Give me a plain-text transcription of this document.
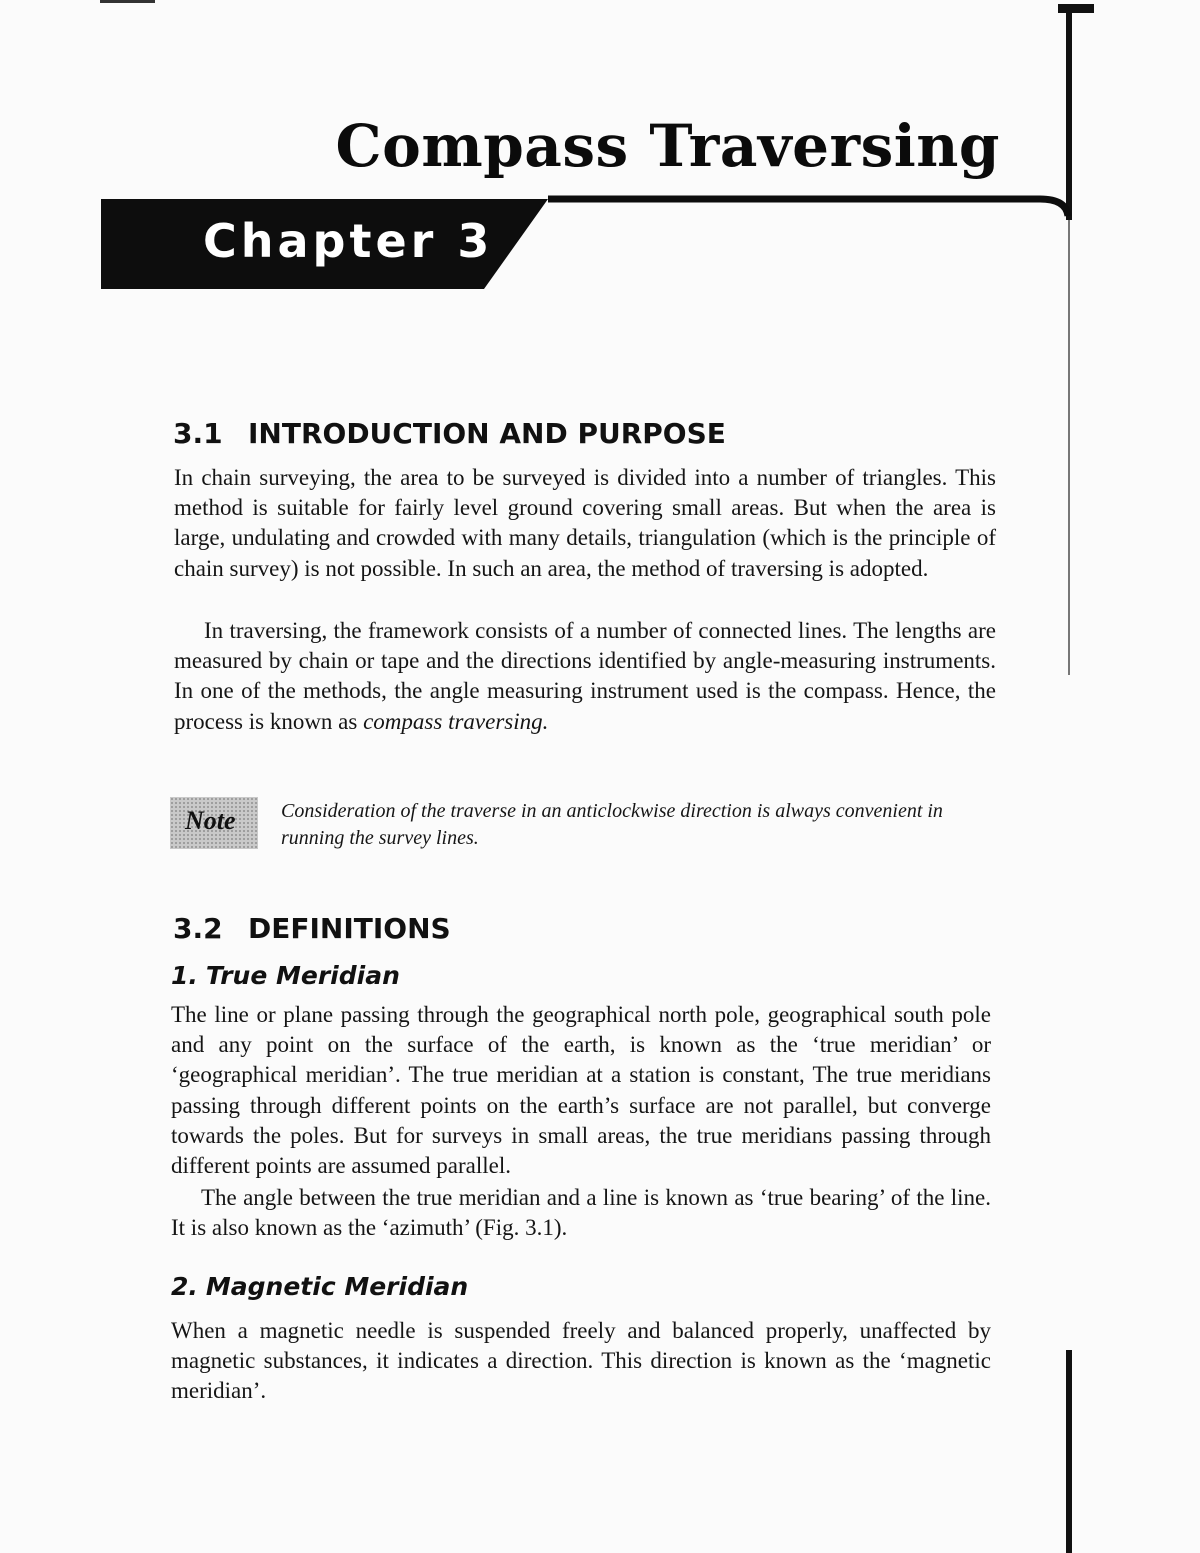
Compass Traversing

Chapter 3

3.1 INTRODUCTION AND PURPOSE

In chain surveying, the area to be surveyed is divided into a number of triangles. This method is suitable for fairly level ground covering small areas. But when the area is large, undulating and crowded with many details, triangulation (which is the principle of chain survey) is not possible. In such an area, the method of traversing is adopted.

In traversing, the framework consists of a number of connected lines. The lengths are measured by chain or tape and the directions identified by angle-measuring instruments. In one of the methods, the angle measuring instrument used is the compass. Hence, the process is known as compass traversing.

Note Consideration of the traverse in an anticlockwise direction is always convenient in running the survey lines.

3.2 DEFINITIONS
1. True Meridian

The line or plane passing through the geographical north pole, geographical south pole and any point on the surface of the earth, is known as the ‘true meridian’ or ‘geographical meridian’. The true meridian at a station is constant, The true meridians passing through different points on the earth’s surface are not parallel, but converge towards the poles. But for surveys in small areas, the true meridians passing through different points are assumed parallel.

The angle between the true meridian and a line is known as ‘true bearing’ of the line. It is also known as the ‘azimuth’ (Fig. 3.1).

2. Magnetic Meridian

When a magnetic needle is suspended freely and balanced properly, unaffected by magnetic substances, it indicates a direction. This direction is known as the ‘magnetic meridian’.
